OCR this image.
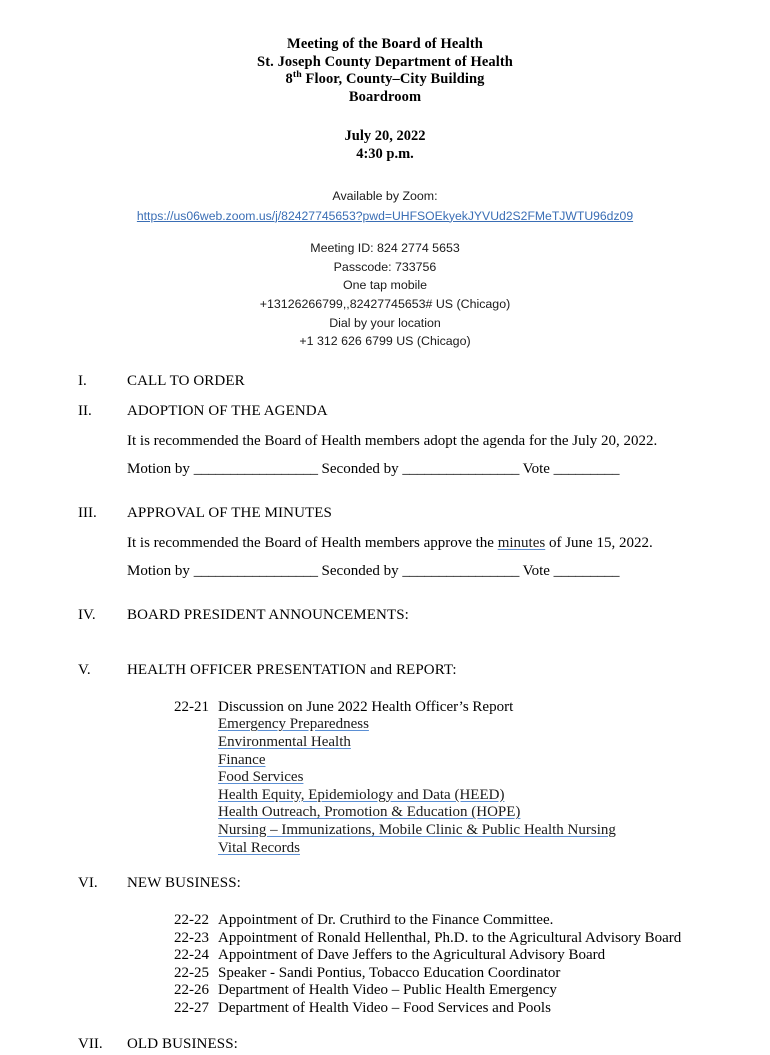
Meeting of the Board of Health
St. Joseph County Department of Health
8th Floor, County–City Building
Boardroom
July 20, 2022
4:30 p.m.
Available by Zoom:
https://us06web.zoom.us/j/82427745653?pwd=UHFSOEkyekJYVUd2S2FMeTJWTU96dz09
Meeting ID: 824 2774 5653
Passcode: 733756
One tap mobile
+13126266799,,82427745653# US (Chicago)
Dial by your location
+1 312 626 6799 US (Chicago)
I.	CALL TO ORDER
II.	ADOPTION OF THE AGENDA
It is recommended the Board of Health members adopt the agenda for the July 20, 2022.
Motion by _________________ Seconded by ________________ Vote _________
III.	APPROVAL OF THE MINUTES
It is recommended the Board of Health members approve the minutes of June 15, 2022.
Motion by _________________ Seconded by ________________ Vote _________
IV.	BOARD PRESIDENT ANNOUNCEMENTS:
V.	HEALTH OFFICER PRESENTATION and REPORT:
22-21 Discussion on June 2022 Health Officer’s Report
Emergency Preparedness
Environmental Health
Finance
Food Services
Health Equity, Epidemiology and Data (HEED)
Health Outreach, Promotion & Education (HOPE)
Nursing – Immunizations, Mobile Clinic & Public Health Nursing
Vital Records
VI.	NEW BUSINESS:
22-22 Appointment of Dr. Cruthird to the Finance Committee.
22-23 Appointment of Ronald Hellenthal, Ph.D. to the Agricultural Advisory Board
22-24 Appointment of Dave Jeffers to the Agricultural Advisory Board
22-25 Speaker - Sandi Pontius, Tobacco Education Coordinator
22-26 Department of Health Video – Public Health Emergency
22-27 Department of Health Video – Food Services and Pools
VII.	OLD BUSINESS:
